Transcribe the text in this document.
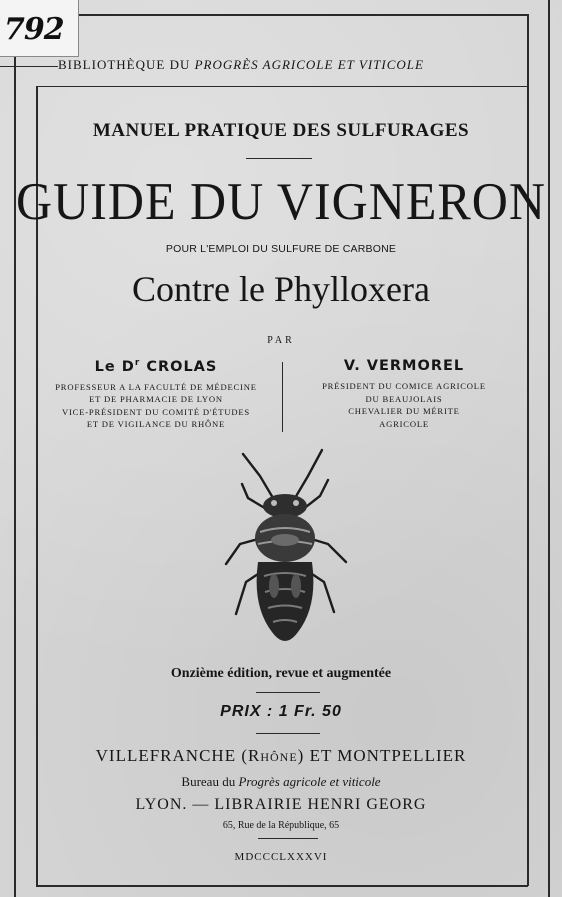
792
BIBLIOTHÈQUE DU PROGRÈS AGRICOLE ET VITICOLE
MANUEL PRATIQUE DES SULFURAGES
GUIDE DU VIGNERON
POUR L'EMPLOI DU SULFURE DE CARBONE
Contre le Phylloxera
PAR
Le $D^r$ CROLAS
PROFESSEUR A LA FACULTÉ DE MÉDECINE
ET DE PHARMACIE DE LYON
VICE-PRÉSIDENT DU COMITÉ D'ÉTUDES
ET DE VIGILANCE DU RHÔNE
V. VERMOREL
PRÉSIDENT DU COMICE AGRICOLE
DU BEAUJOLAIS
CHEVALIER DU MÉRITE
AGRICOLE
Onzième édition, revue et augmentée
PRIX : 1 Fr. 50
VILLEFRANCHE (Rhône) ET MONTPELLIER
Bureau du Progrès agricole et viticole
LYON. — LIBRAIRIE HENRI GEORG
65, Rue de la République, 65
MDCCCLXXXVI
